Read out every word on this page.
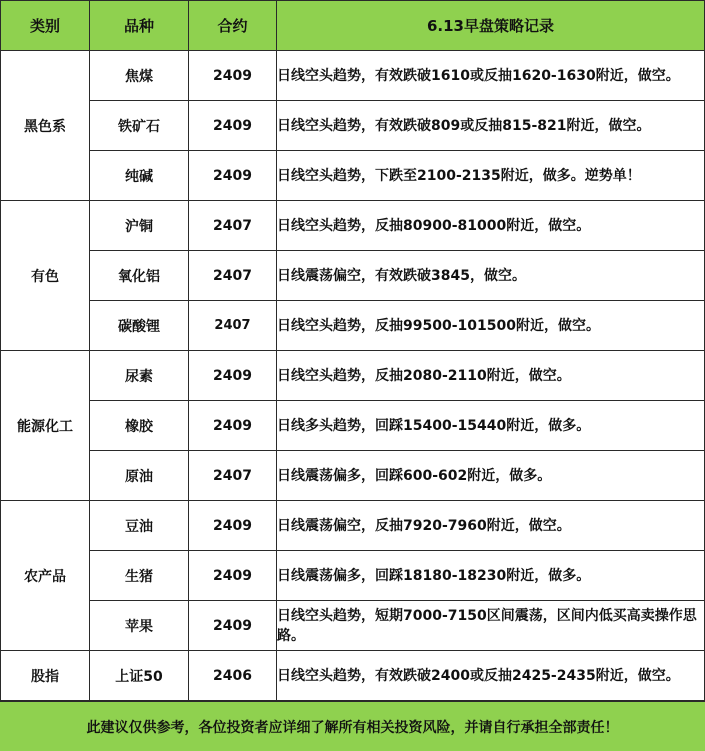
类别	品种	合约	6.13早盘策略记录
黑色系	焦煤	2409	日线空头趋势，有效跌破1610或反抽1620-1630附近，做空。
	铁矿石	2409	日线空头趋势，有效跌破809或反抽815-821附近，做空。
	纯碱	2409	日线空头趋势，下跌至2100-2135附近，做多。逆势单！
有色	沪铜	2407	日线空头趋势，反抽80900-81000附近，做空。
	氧化铝	2407	日线震荡偏空，有效跌破3845，做空。
	碳酸锂	2407	日线空头趋势，反抽99500-101500附近，做空。
能源化工	尿素	2409	日线空头趋势，反抽2080-2110附近，做空。
	橡胶	2409	日线多头趋势，回踩15400-15440附近，做多。
	原油	2407	日线震荡偏多，回踩600-602附近，做多。
农产品	豆油	2409	日线震荡偏空，反抽7920-7960附近，做空。
	生猪	2409	日线震荡偏多，回踩18180-18230附近，做多。
	苹果	2409	日线空头趋势，短期7000-7150区间震荡，区间内低买高卖操作思路。
股指	上证50	2406	日线空头趋势，有效跌破2400或反抽2425-2435附近，做空。
此建议仅供参考，各位投资者应详细了解所有相关投资风险，并请自行承担全部责任！
